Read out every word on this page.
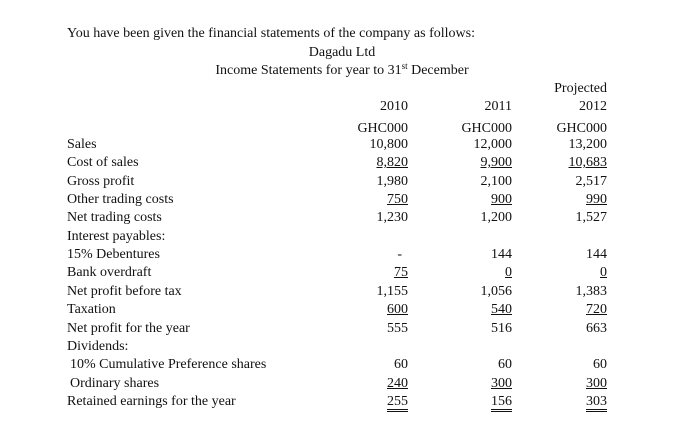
You have been given the financial statements of the company as follows:
Dagadu Ltd
Income Statements for year to 31st December
Projected
2010	2011	2012
GHC000	GHC000	GHC000
Sales	10,800	12,000	13,200
Cost of sales	8,820	9,900	10,683
Gross profit	1,980	2,100	2,517
Other trading costs	750	900	990
Net trading costs	1,230	1,200	1,527
Interest payables:
15% Debentures	-	144	144
Bank overdraft	75	0	0
Net profit before tax	1,155	1,056	1,383
Taxation	600	540	720
Net profit for the year	555	516	663
Dividends:
10% Cumulative Preference shares	60	60	60
Ordinary shares	240	300	300
Retained earnings for the year	255	156	303
